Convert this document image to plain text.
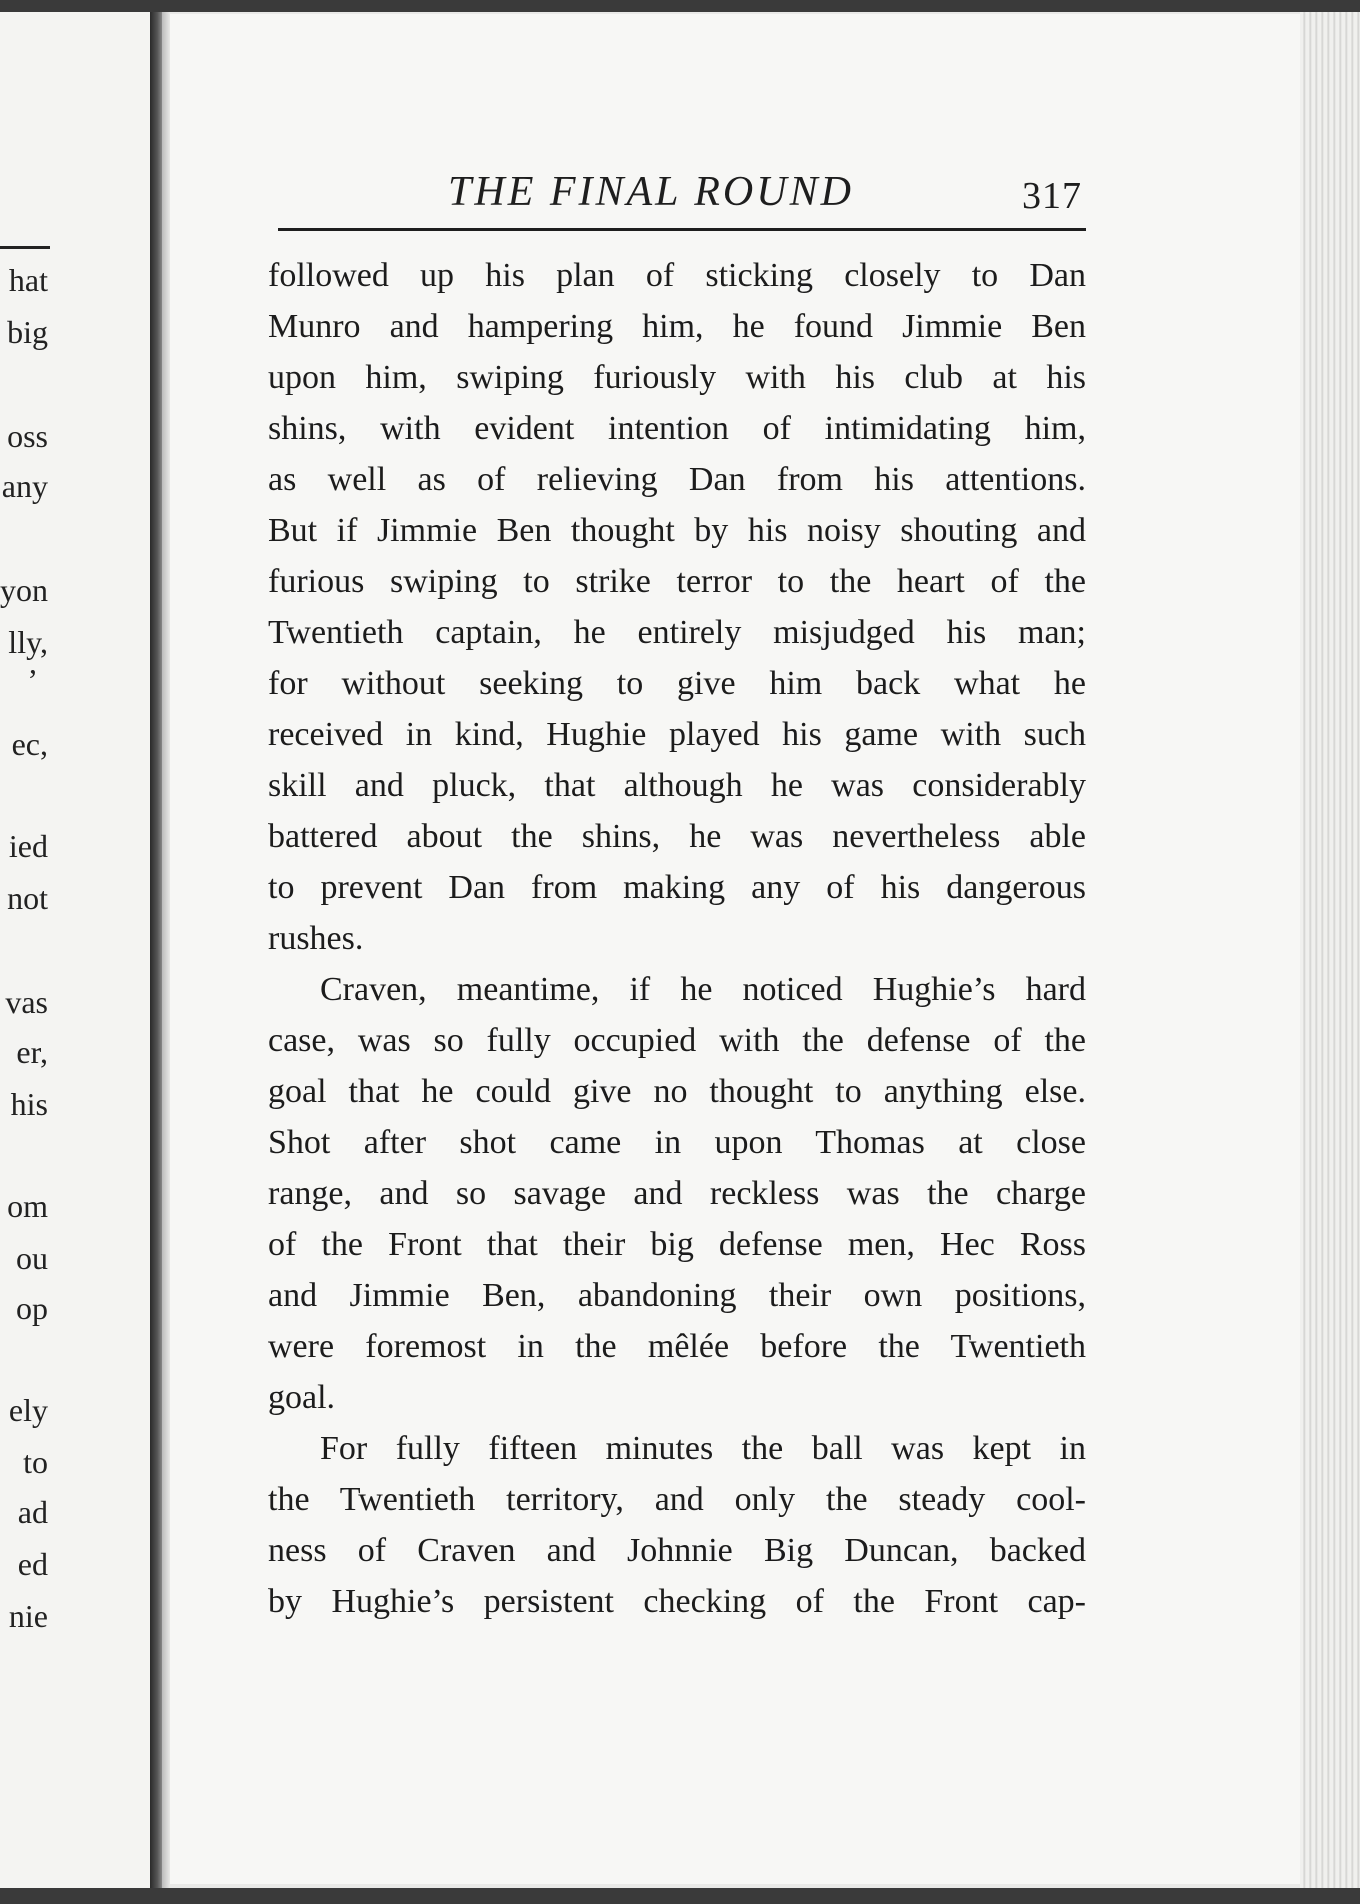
hat
big
oss
any
yon
lly,
’
ec,
ied
not
vas
er,
his
om
ou
op
ely
to
ad
ed
nie
THE FINAL ROUND	317
followed up his plan of sticking closely to Dan
Munro and hampering him, he found Jimmie Ben
upon him, swiping furiously with his club at his
shins, with evident intention of intimidating him,
as well as of relieving Dan from his attentions.
But if Jimmie Ben thought by his noisy shouting and
furious swiping to strike terror to the heart of the
Twentieth captain, he entirely misjudged his man;
for without seeking to give him back what he
received in kind, Hughie played his game with such
skill and pluck, that although he was considerably
battered about the shins, he was nevertheless able
to prevent Dan from making any of his dangerous
rushes.
Craven, meantime, if he noticed Hughie’s hard
case, was so fully occupied with the defense of the
goal that he could give no thought to anything else.
Shot after shot came in upon Thomas at close
range, and so savage and reckless was the charge
of the Front that their big defense men, Hec Ross
and Jimmie Ben, abandoning their own positions,
were foremost in the mêlée before the Twentieth
goal.
For fully fifteen minutes the ball was kept in
the Twentieth territory, and only the steady cool-
ness of Craven and Johnnie Big Duncan, backed
by Hughie’s persistent checking of the Front cap-
